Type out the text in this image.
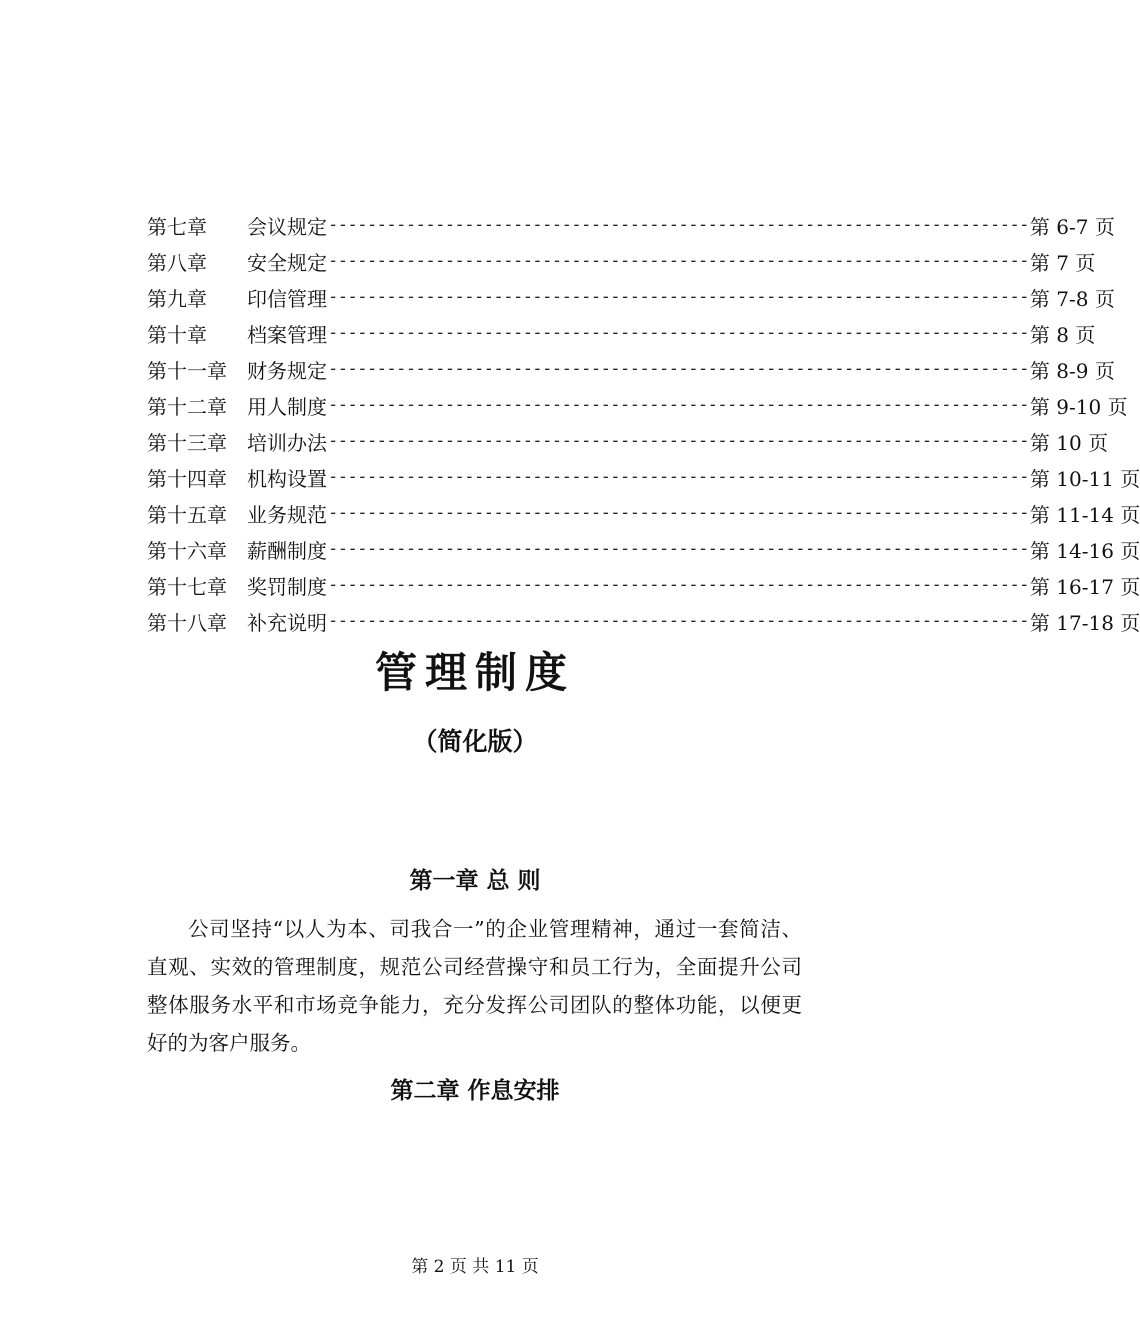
第七章	会议规定 ------------------------------------------------------------------------ 第 6-7 页
第八章	安全规定 ------------------------------------------------------------------------ 第 7 页
第九章	印信管理 ------------------------------------------------------------------------ 第 7-8 页
第十章	档案管理 ------------------------------------------------------------------------ 第 8 页
第十一章	财务规定 ------------------------------------------------------------------------ 第 8-9 页
第十二章	用人制度 ------------------------------------------------------------------------ 第 9-10 页
第十三章	培训办法 ------------------------------------------------------------------------ 第 10 页
第十四章	机构设置 ------------------------------------------------------------------------ 第 10-11 页
第十五章	业务规范 ------------------------------------------------------------------------ 第 11-14 页
第十六章	薪酬制度 ------------------------------------------------------------------------ 第 14-16 页
第十七章	奖罚制度 ------------------------------------------------------------------------ 第 16-17 页
第十八章	补充说明 ------------------------------------------------------------------------ 第 17-18 页
管理制度
（简化版）
第一章 总 则

公司坚持“以人为本、司我合一”的企业管理精神，通过一套简洁、直观、实效的管理制度，规范公司经营操守和员工行为，全面提升公司整体服务水平和市场竞争能力，充分发挥公司团队的整体功能，以便更好的为客户服务。

第二章 作息安排
第 2 页 共 11 页
